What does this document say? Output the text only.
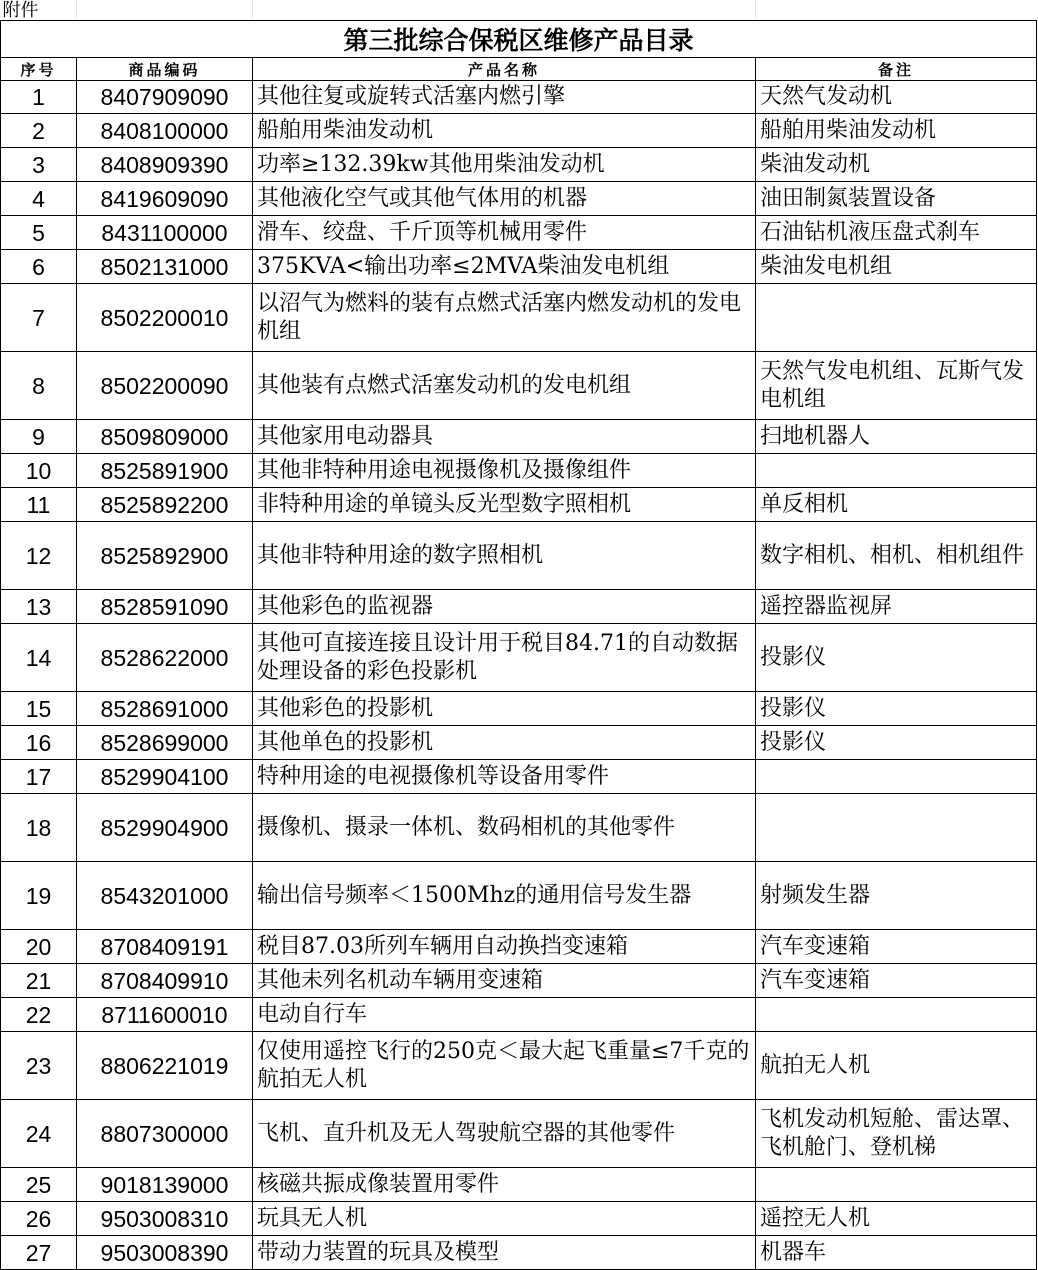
附件			
第三批综合保税区维修产品目录			
序号	商品编码	产品名称	备注
1	8407909090	其他往复或旋转式活塞内燃引擎	天然气发动机
2	8408100000	船舶用柴油发动机	船舶用柴油发动机
3	8408909390	功率≥132.39kw其他用柴油发动机	柴油发动机
4	8419609090	其他液化空气或其他气体用的机器	油田制氮装置设备
5	8431100000	滑车、绞盘、千斤顶等机械用零件	石油钻机液压盘式刹车
6	8502131000	375KVA<输出功率≤2MVA柴油发电机组	柴油发电机组
7	8502200010	以沼气为燃料的装有点燃式活塞内燃发动机的发电机组	
8	8502200090	其他装有点燃式活塞发动机的发电机组	天然气发电机组、瓦斯气发电机组
9	8509809000	其他家用电动器具	扫地机器人
10	8525891900	其他非特种用途电视摄像机及摄像组件	
11	8525892200	非特种用途的单镜头反光型数字照相机	单反相机
12	8525892900	其他非特种用途的数字照相机	数字相机、相机、相机组件
13	8528591090	其他彩色的监视器	遥控器监视屏
14	8528622000	其他可直接连接且设计用于税目84.71的自动数据处理设备的彩色投影机	投影仪
15	8528691000	其他彩色的投影机	投影仪
16	8528699000	其他单色的投影机	投影仪
17	8529904100	特种用途的电视摄像机等设备用零件	
18	8529904900	摄像机、摄录一体机、数码相机的其他零件	
19	8543201000	输出信号频率＜1500Mhz的通用信号发生器	射频发生器
20	8708409191	税目87.03所列车辆用自动换挡变速箱	汽车变速箱
21	8708409910	其他未列名机动车辆用变速箱	汽车变速箱
22	8711600010	电动自行车	
23	8806221019	仅使用遥控飞行的250克＜最大起飞重量≤7千克的航拍无人机	航拍无人机
24	8807300000	飞机、直升机及无人驾驶航空器的其他零件	飞机发动机短舱、雷达罩、飞机舱门、登机梯
25	9018139000	核磁共振成像装置用零件	
26	9503008310	玩具无人机	遥控无人机
27	9503008390	带动力装置的玩具及模型	机器车
